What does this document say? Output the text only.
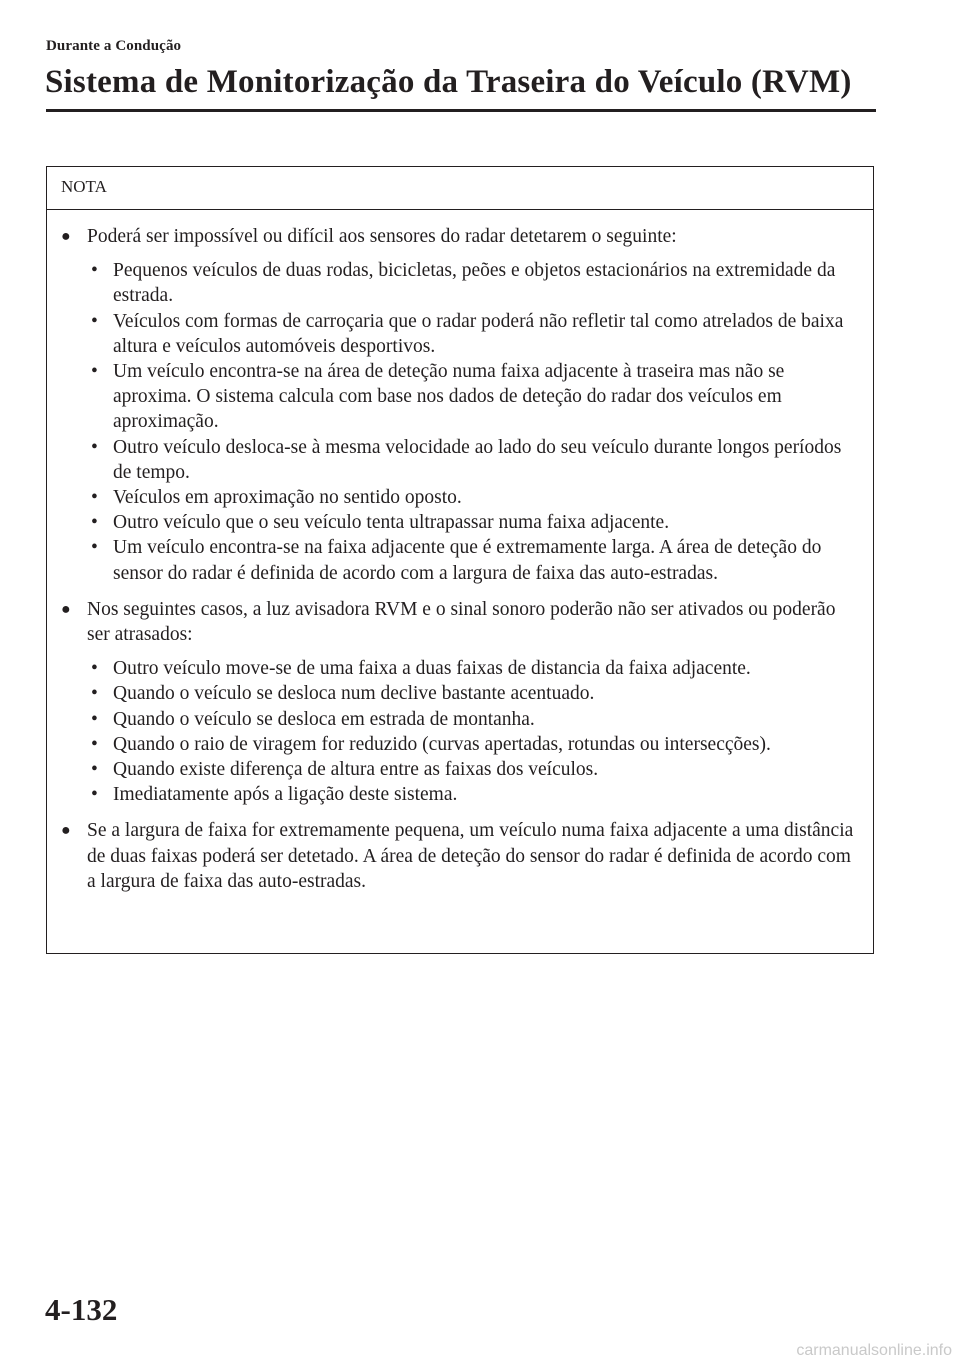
Durante a Condução
Sistema de Monitorização da Traseira do Veículo (RVM)
NOTA
● Poderá ser impossível ou difícil aos sensores do radar detetarem o seguinte:
• Pequenos veículos de duas rodas, bicicletas, peões e objetos estacionários na extremidade da estrada.
• Veículos com formas de carroçaria que o radar poderá não refletir tal como atrelados de baixa altura e veículos automóveis desportivos.
• Um veículo encontra-se na área de deteção numa faixa adjacente à traseira mas não se aproxima. O sistema calcula com base nos dados de deteção do radar dos veículos em aproximação.
• Outro veículo desloca-se à mesma velocidade ao lado do seu veículo durante longos períodos de tempo.
• Veículos em aproximação no sentido oposto.
• Outro veículo que o seu veículo tenta ultrapassar numa faixa adjacente.
• Um veículo encontra-se na faixa adjacente que é extremamente larga. A área de deteção do sensor do radar é definida de acordo com a largura de faixa das auto-estradas.
● Nos seguintes casos, a luz avisadora RVM e o sinal sonoro poderão não ser ativados ou poderão ser atrasados:
• Outro veículo move-se de uma faixa a duas faixas de distancia da faixa adjacente.
• Quando o veículo se desloca num declive bastante acentuado.
• Quando o veículo se desloca em estrada de montanha.
• Quando o raio de viragem for reduzido (curvas apertadas, rotundas ou intersecções).
• Quando existe diferença de altura entre as faixas dos veículos.
• Imediatamente após a ligação deste sistema.
● Se a largura de faixa for extremamente pequena, um veículo numa faixa adjacente a uma distância de duas faixas poderá ser detetado. A área de deteção do sensor do radar é definida de acordo com a largura de faixa das auto-estradas.
4-132
carmanualsonline.info
